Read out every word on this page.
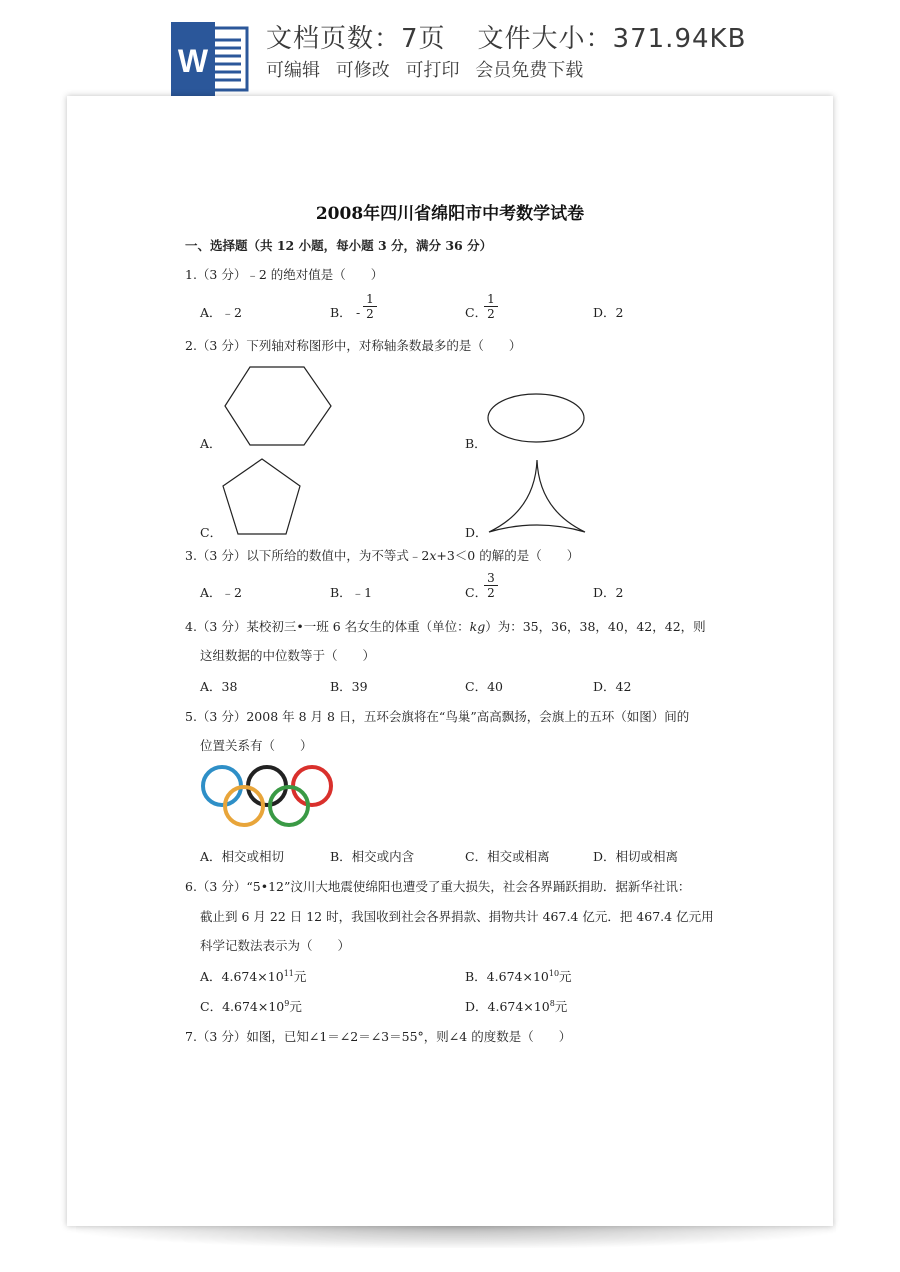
W
文档页数：7页 文件大小：371.94KB
可编辑 可修改 可打印 会员免费下载
2008年四川省绵阳市中考数学试卷
一、选择题（共 12 小题，每小题 3 分，满分 36 分）
1.（3 分）﹣2 的绝对值是（　　）
A．﹣2	B． - $\frac{1}{2}$	C．
$\frac{1}{2}$	D．2
2.（3 分）下列轴对称图形中，对称轴条数最多的是（　　）
A．	B．
C．	D．
3.（3 分）以下所给的数值中，为不等式﹣2x+3＜0 的解的是（　　）
A．﹣2	B．﹣1	C．
$\frac{3}{2}$	D．2
4.（3 分）某校初三•一班 6 名女生的体重（单位：kg）为：35，36，38，40，42，42，则
这组数据的中位数等于（　　）
A．38	B．39	C．40	D．42
5.（3 分）2008 年 8 月 8 日，五环会旗将在“鸟巢”高高飘扬，会旗上的五环（如图）间的
位置关系有（　　）
A．相交或相切	B．相交或内含	C．相交或相离	D．相切或相离
6.（3 分）“5•12”汶川大地震使绵阳也遭受了重大损失，社会各界踊跃捐助．据新华社讯：
截止到 6 月 22 日 12 时，我国收到社会各界捐款、捐物共计 467.4 亿元．把 467.4 亿元用
科学记数法表示为（　　）
A．$4.674\times 10^{11}$元	B．$4.674\times 10^{10}$元
C．$4.674\times 10^9$元	D．$4.674\times 10^8$元
7.（3 分）如图，已知∠1＝∠2＝∠3＝55°，则∠4 的度数是（　　）
